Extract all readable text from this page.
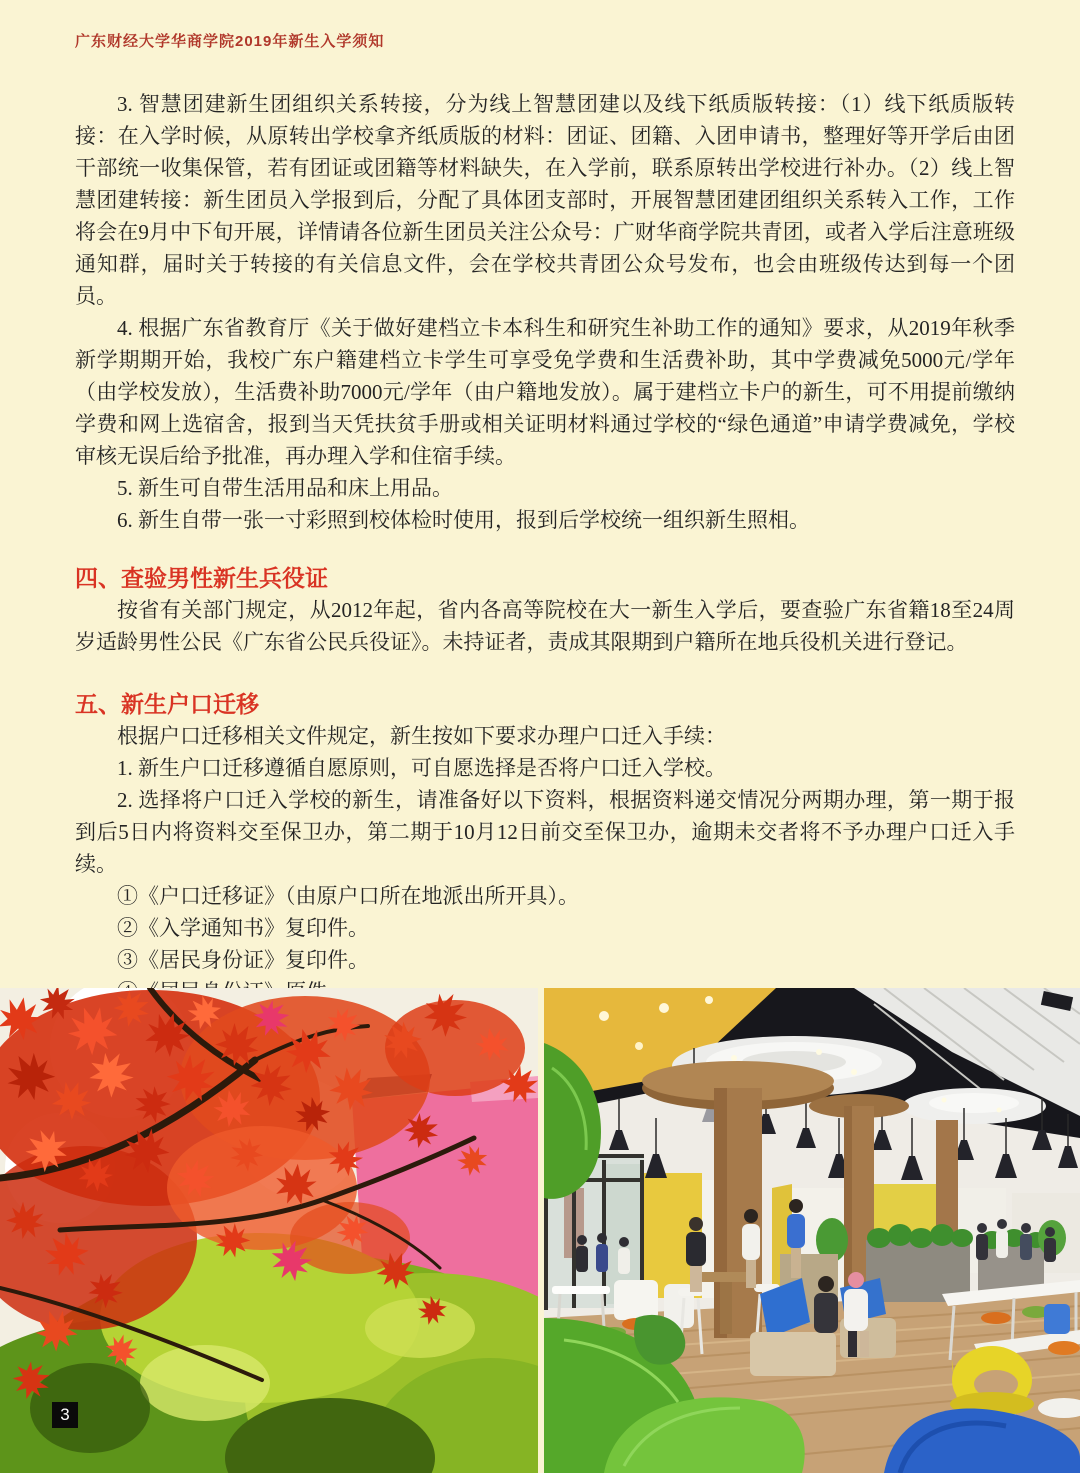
广东财经大学华商学院2019年新生入学须知

3. 智慧团建新生团组织关系转接，分为线上智慧团建以及线下纸质版转接：（1）线下纸质版转接：在入学时候，从原转出学校拿齐纸质版的材料：团证、团籍、入团申请书，整理好等开学后由团干部统一收集保管，若有团证或团籍等材料缺失，在入学前，联系原转出学校进行补办。（2）线上智慧团建转接：新生团员入学报到后，分配了具体团支部时，开展智慧团建团组织关系转入工作，工作将会在9月中下旬开展，详情请各位新生团员关注公众号：广财华商学院共青团，或者入学后注意班级通知群，届时关于转接的有关信息文件，会在学校共青团公众号发布，也会由班级传达到每一个团员。

4. 根据广东省教育厅《关于做好建档立卡本科生和研究生补助工作的通知》要求，从2019年秋季新学期期开始，我校广东户籍建档立卡学生可享受免学费和生活费补助，其中学费减免5000元/学年（由学校发放），生活费补助7000元/学年（由户籍地发放）。属于建档立卡户的新生，可不用提前缴纳学费和网上选宿舍，报到当天凭扶贫手册或相关证明材料通过学校的“绿色通道”申请学费减免，学校审核无误后给予批准，再办理入学和住宿手续。

5. 新生可自带生活用品和床上用品。

6. 新生自带一张一寸彩照到校体检时使用，报到后学校统一组织新生照相。

四、查验男性新生兵役证

按省有关部门规定，从2012年起，省内各高等院校在大一新生入学后，要查验广东省籍18至24周岁适龄男性公民《广东省公民兵役证》。未持证者，责成其限期到户籍所在地兵役机关进行登记。

五、新生户口迁移

根据户口迁移相关文件规定，新生按如下要求办理户口迁入手续：

1. 新生户口迁移遵循自愿原则，可自愿选择是否将户口迁入学校。

2. 选择将户口迁入学校的新生，请准备好以下资料，根据资料递交情况分两期办理，第一期于报到后5日内将资料交至保卫办，第二期于10月12日前交至保卫办，逾期未交者将不予办理户口迁入手续。

①《户口迁移证》（由原户口所在地派出所开具）。

②《入学通知书》复印件。

③《居民身份证》复印件。

3
